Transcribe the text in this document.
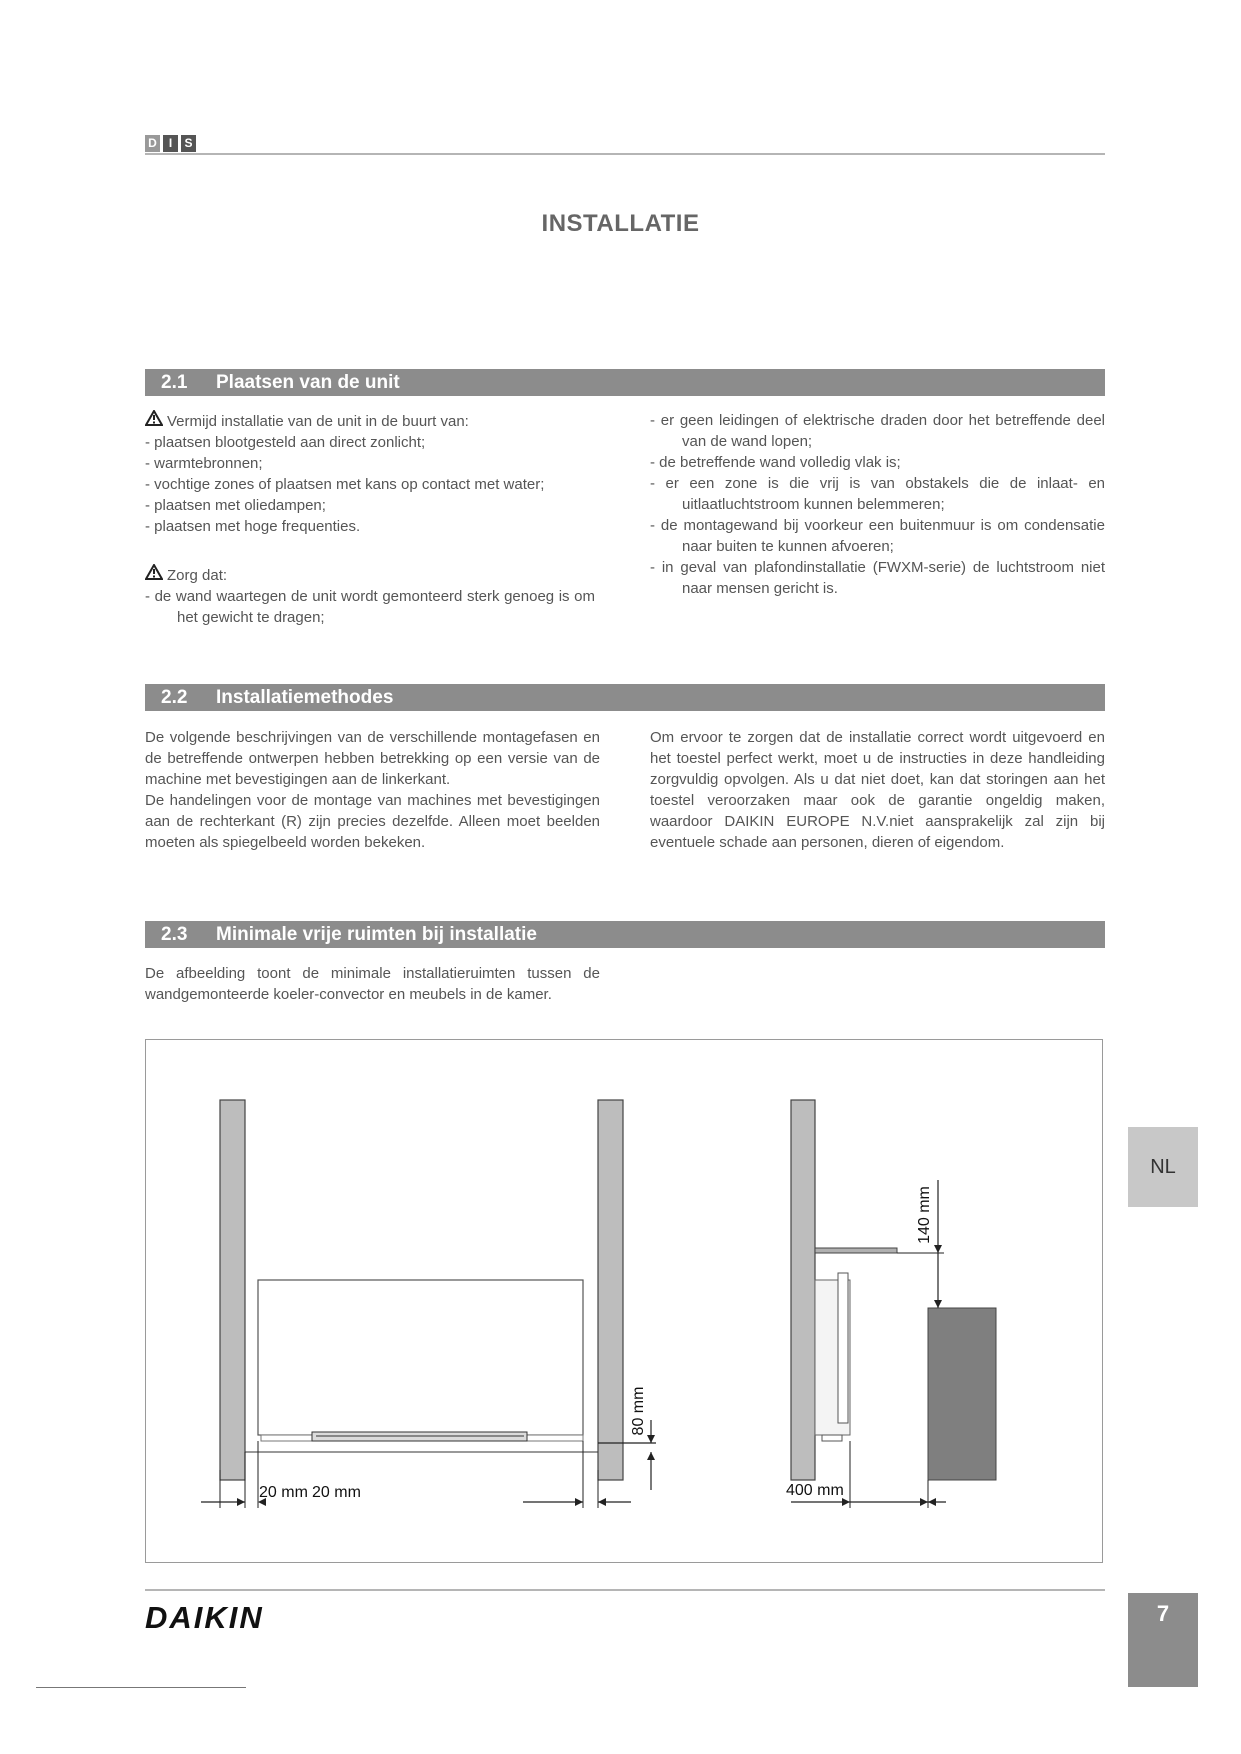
D	I	S
INSTALLATIE
2.1 Plaatsen van de unit

Vermijd installatie van de unit in de buurt van:

- plaatsen blootgesteld aan direct zonlicht;

- warmtebronnen;

- vochtige zones of plaatsen met kans op contact met water;

- plaatsen met oliedampen;

- plaatsen met hoge frequenties.

Zorg dat:

- de wand waartegen de unit wordt gemonteerd sterk genoeg is om het gewicht te dragen;

- er geen leidingen of elektrische draden door het betreffende deel van de wand lopen;

- de betreffende wand volledig vlak is;

- er een zone is die vrij is van obstakels die de inlaat- en uitlaatluchtstroom kunnen belemmeren;

- de montagewand bij voorkeur een buitenmuur is om condensatie naar buiten te kunnen afvoeren;

- in geval van plafondinstallatie (FWXM-serie) de luchtstroom niet naar mensen gericht is.

2.2 Installatiemethodes

De volgende beschrijvingen van de verschillende montagefasen en de betreffende ontwerpen hebben betrekking op een versie van de machine met bevestigingen aan de linkerkant.

De handelingen voor de montage van machines met bevestigingen aan de rechterkant (R) zijn precies dezelfde. Alleen moet beelden moeten als spiegelbeeld worden bekeken.

Om ervoor te zorgen dat de installatie correct wordt uitgevoerd en het toestel perfect werkt, moet u de instructies in deze handleiding zorgvuldig opvolgen. Als u dat niet doet, kan dat storingen aan het toestel veroorzaken maar ook de garantie ongeldig maken, waardoor DAIKIN EUROPE N.V.niet aansprakelijk zal zijn bij eventuele schade aan personen, dieren of eigendom.

2.3 Minimale vrije ruimten bij installatie

De afbeelding toont de minimale installatieruimten tussen de wandgemonteerde koeler-convector en meubels in de kamer.

80 mm
20 mm 20 mm
140 mm
400 mm
NL
DAIKIN	7
